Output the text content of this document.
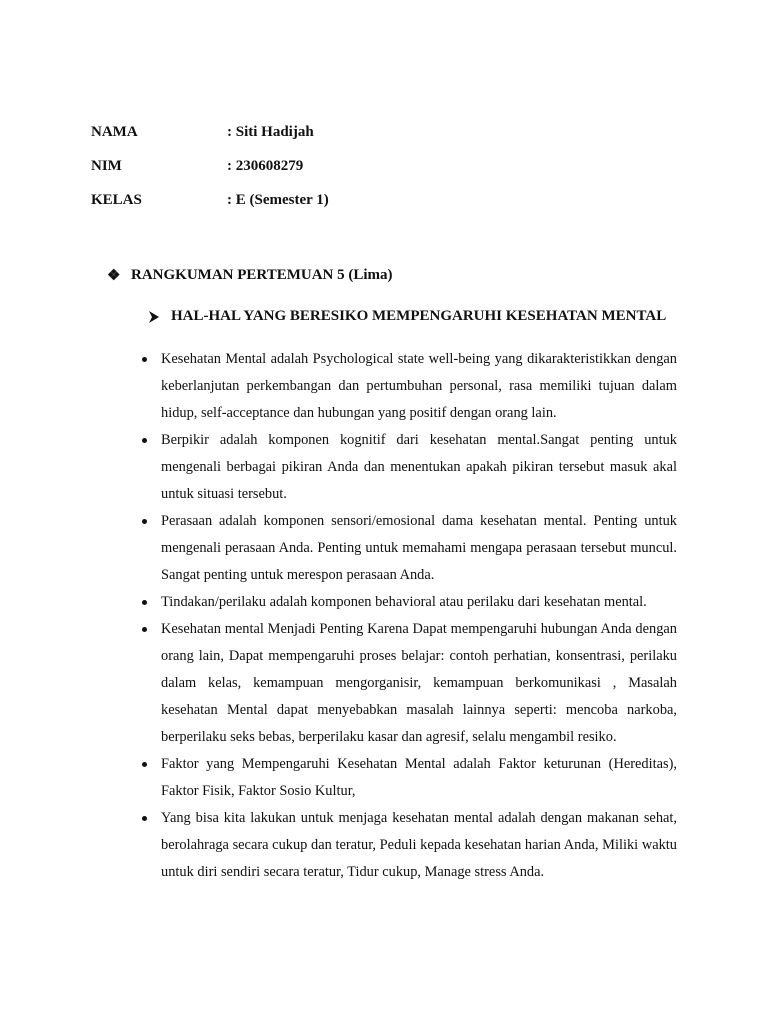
NAMA	: Siti Hadijah
NIM	: 230608279
KELAS	: E (Semester 1)
❖ RANGKUMAN PERTEMUAN 5 (Lima)
HAL-HAL YANG BERESIKO MEMPENGARUHI KESEHATAN MENTAL
Kesehatan Mental adalah Psychological state well-being yang dikarakteristikkan dengan keberlanjutan perkembangan dan pertumbuhan personal, rasa memiliki tujuan dalam hidup, self-acceptance dan hubungan yang positif dengan orang lain.
Berpikir adalah komponen kognitif dari kesehatan mental.Sangat penting untuk mengenali berbagai pikiran Anda dan menentukan apakah pikiran tersebut masuk akal untuk situasi tersebut.
Perasaan adalah komponen sensori/emosional dama kesehatan mental. Penting untuk mengenali perasaan Anda. Penting untuk memahami mengapa perasaan tersebut muncul. Sangat penting untuk merespon perasaan Anda.
Tindakan/perilaku adalah komponen behavioral atau perilaku dari kesehatan mental.
Kesehatan mental Menjadi Penting Karena Dapat mempengaruhi hubungan Anda dengan orang lain, Dapat mempengaruhi proses belajar: contoh perhatian, konsentrasi, perilaku dalam kelas, kemampuan mengorganisir, kemampuan berkomunikasi , Masalah kesehatan Mental dapat menyebabkan masalah lainnya seperti: mencoba narkoba, berperilaku seks bebas, berperilaku kasar dan agresif, selalu mengambil resiko.
Faktor yang Mempengaruhi Kesehatan Mental adalah Faktor keturunan (Hereditas), Faktor Fisik, Faktor Sosio Kultur,
Yang bisa kita lakukan untuk menjaga kesehatan mental adalah dengan makanan sehat, berolahraga secara cukup dan teratur, Peduli kepada kesehatan harian Anda, Miliki waktu untuk diri sendiri secara teratur, Tidur cukup, Manage stress Anda.
